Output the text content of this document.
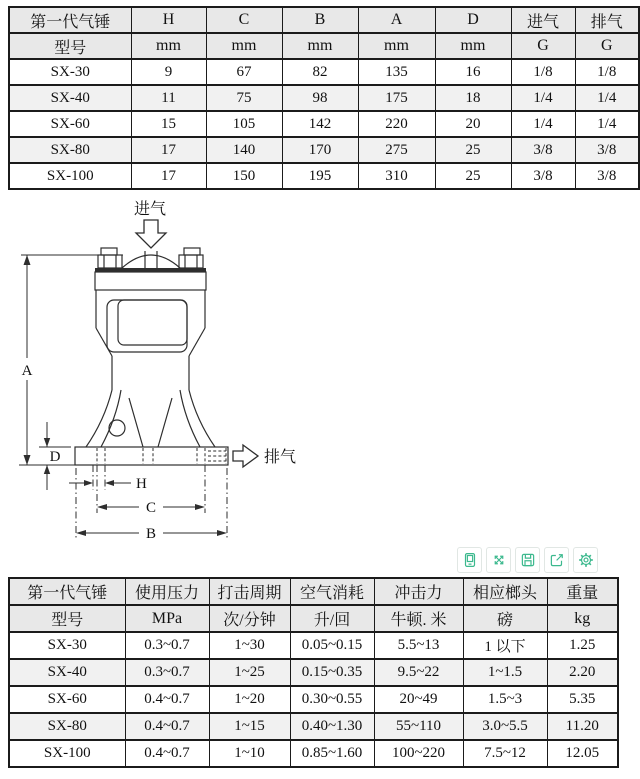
第一代气锤	H	C	B	A	D	进气	排气
型号	mm	mm	mm	mm	mm	G	G
SX-30	9	67	82	135	16	1/8	1/8
SX-40	11	75	98	175	18	1/4	1/4
SX-60	15	105	142	220	20	1/4	1/4
SX-80	17	140	170	275	25	3/8	3/8
SX-100	17	150	195	310	25	3/8	3/8
进气
排气
A
D
H
C
B
第一代气锤	使用压力	打击周期	空气消耗	冲击力	相应榔头	重量
型号	MPa	次/分钟	升/回	牛顿. 米	磅	kg
SX-30	0.3~0.7	1~30	0.05~0.15	5.5~13	1 以下	1.25
SX-40	0.3~0.7	1~25	0.15~0.35	9.5~22	1~1.5	2.20
SX-60	0.4~0.7	1~20	0.30~0.55	20~49	1.5~3	5.35
SX-80	0.4~0.7	1~15	0.40~1.30	55~110	3.0~5.5	11.20
SX-100	0.4~0.7	1~10	0.85~1.60	100~220	7.5~12	12.05
